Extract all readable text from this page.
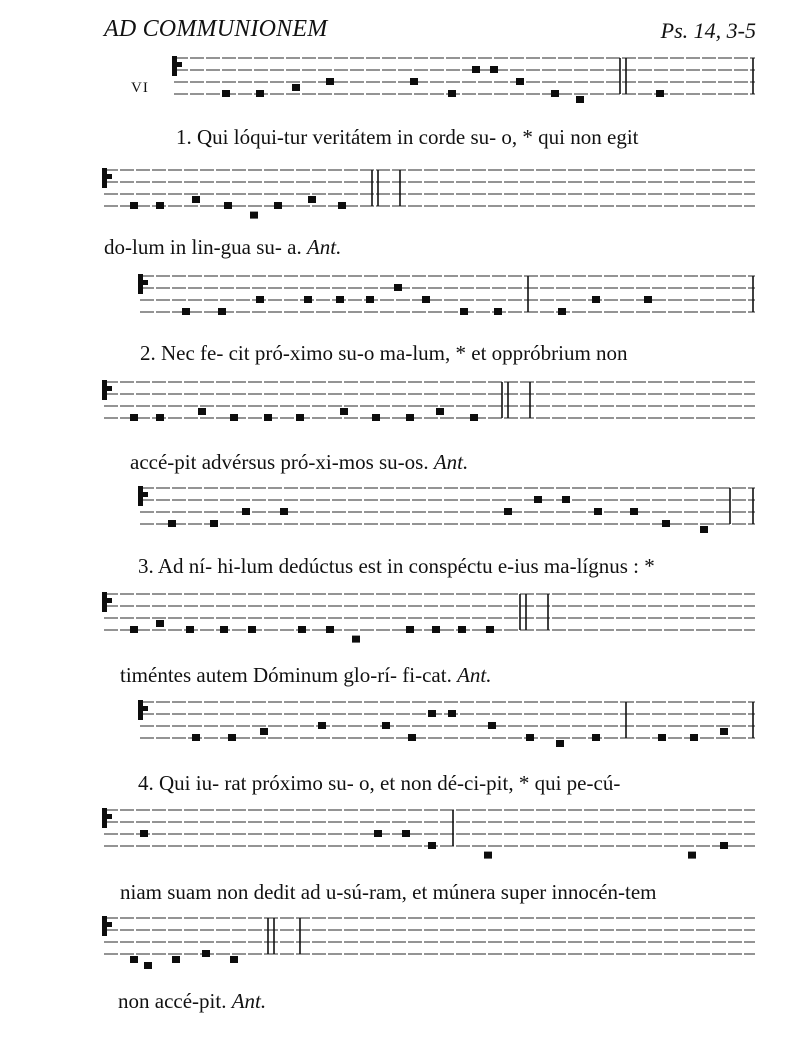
AD COMMUNIONEM	Ps. 14, 3-5
VI
1. Qui lóqui-tur veritátem in corde su- o, * qui non egit
do-lum in lin-gua su- a. Ant.
2. Nec fe- cit pró-ximo su-o ma-lum, * et oppróbrium non
accé-pit advérsus pró-xi-mos su-os. Ant.
3. Ad ní- hi-lum dedúctus est in conspéctu e-ius ma-lígnus : *
timéntes autem Dóminum glo-rí- fi-cat. Ant.
4. Qui iu- rat próximo su- o, et non dé-ci-pit, * qui pe-cú-
niam suam non dedit ad u-sú-ram, et múnera super innocén-tem
non accé-pit. Ant.
